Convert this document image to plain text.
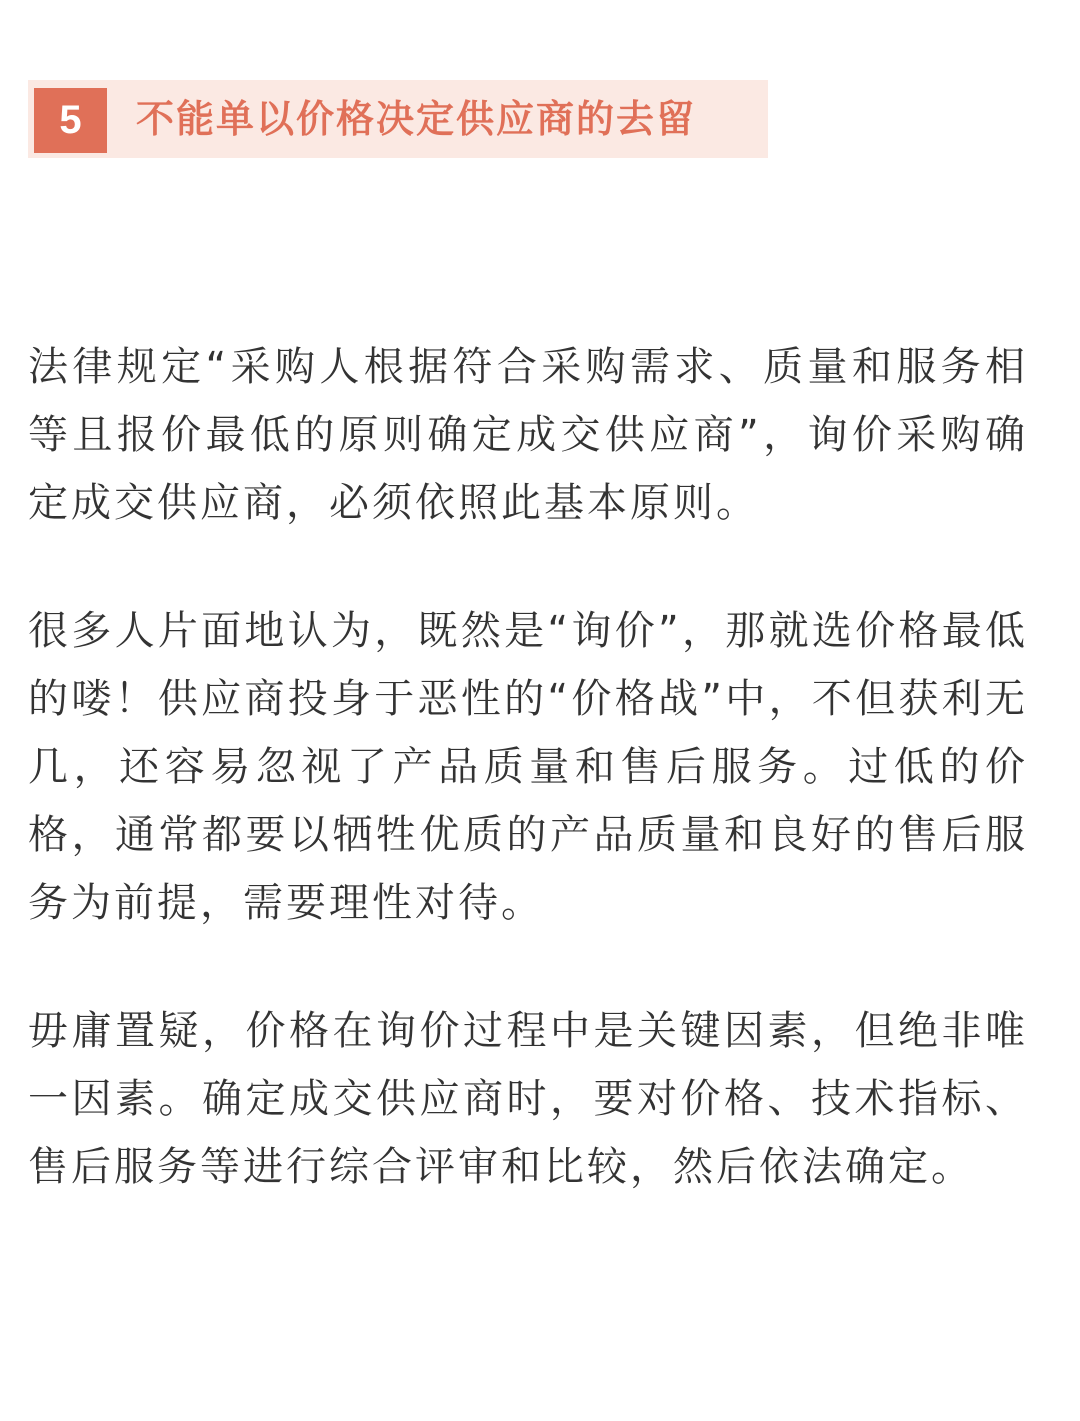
5	不能单以价格决定供应商的去留

法律规定“采购人根据符合采购需求、质量和服务相等且报价最低的原则确定成交供应商”，询价采购确定成交供应商，必须依照此基本原则。

很多人片面地认为，既然是“询价”，那就选价格最低的喽！供应商投身于恶性的“价格战”中，不但获利无几，还容易忽视了产品质量和售后服务。过低的价格，通常都要以牺牲优质的产品质量和良好的售后服务为前提，需要理性对待。

毋庸置疑，价格在询价过程中是关键因素，但绝非唯一因素。确定成交供应商时，要对价格、技术指标、售后服务等进行综合评审和比较，然后依法确定。
